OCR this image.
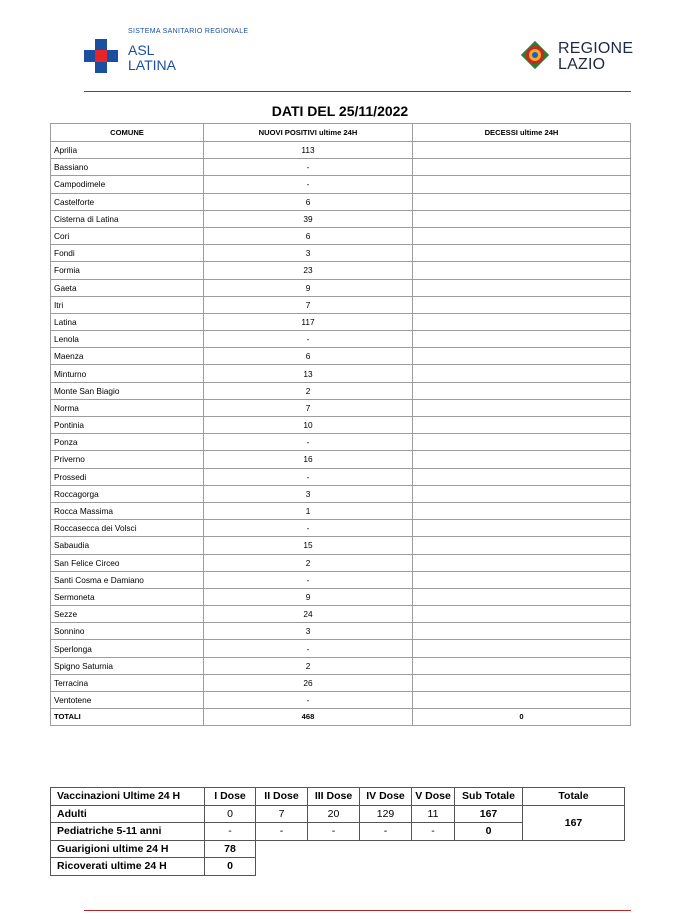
SISTEMA SANITARIO REGIONALE
ASL
LATINA
REGIONE
LAZIO
DATI DEL 25/11/2022
COMUNE	NUOVI POSITIVI ultime 24H	DECESSI ultime 24H
Aprilia	113	
Bassiano	-	
Campodimele	-	
Castelforte	6	
Cisterna di Latina	39	
Cori	6	
Fondi	3	
Formia	23	
Gaeta	9	
Itri	7	
Latina	117	
Lenola	-	
Maenza	6	
Minturno	13	
Monte San Biagio	2	
Norma	7	
Pontinia	10	
Ponza	-	
Priverno	16	
Prossedi	-	
Roccagorga	3	
Rocca Massima	1	
Roccasecca dei Volsci	-	
Sabaudia	15	
San Felice Circeo	2	
Santi Cosma e Damiano	-	
Sermoneta	9	
Sezze	24	
Sonnino	3	
Sperlonga	-	
Spigno Saturnia	2	
Terracina	26	
Ventotene	-	
TOTALI	468	0
Vaccinazioni Ultime 24 H	I Dose	II Dose	III Dose	IV Dose	V Dose	Sub Totale	Totale
Adulti	0	7	20	129	11	167	167
Pediatriche 5-11 anni	-	-	-	-	-	0	
Guarigioni ultime 24 H	78						
Ricoverati ultime 24 H	0						
